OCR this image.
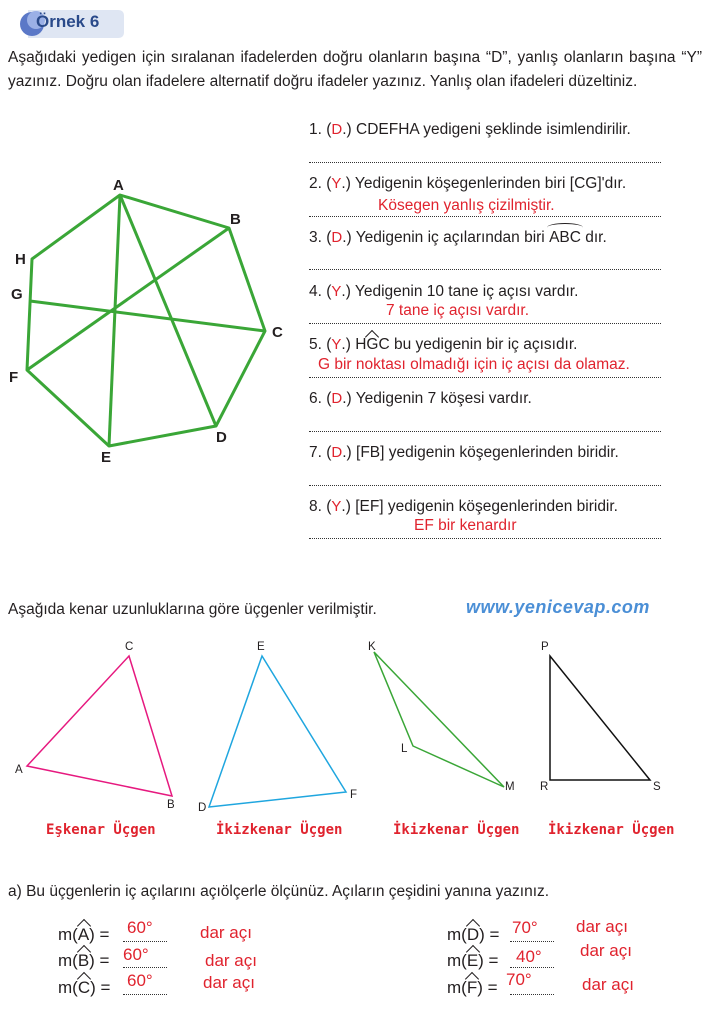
Örnek 6
Aşağıdaki yedigen için sıralanan ifadelerden doğru olanların başına “D”, yanlış olanların başına “Y” yazınız. Doğru olan ifadelere alternatif doğru ifadeler yazınız. Yanlış olan ifadeleri düzeltiniz.
A
B
C
D
E
F
G
H
1. (D.) CDEFHA yedigeni şeklinde isimlendirilir.
2. (Y.) Yedigenin köşegenlerinden biri [CG]'dır.
Kösegen yanlış çizilmiştir.
3. (D.) Yedigenin iç açılarından biri ABC dır.
4. (Y.) Yedigenin 10 tane iç açısı vardır.
7 tane iç açısı vardır.
5. (Y.) HGC bu yedigenin bir iç açısıdır.
G bir noktası olmadığı için iç açısı da olamaz.
6. (D.) Yedigenin 7 köşesi vardır.
7. (D.) [FB] yedigenin köşegenlerinden biridir.
8. (Y.) [EF] yedigenin köşegenlerinden biridir.
EF bir kenardır
Aşağıda kenar uzunluklarına göre üçgenler verilmiştir.	www.yenicevap.com
C
A
B
E
D
F
K
L
M
P
R	S
Eşkenar Üçgen	İkizkenar Üçgen	İkizkenar Üçgen İkizkenar Üçgen
a) Bu üçgenlerin iç açılarını açıölçerle ölçünüz. Açıların çeşidini yanına yazınız.
m(A) = 60°	dar açı
m(B) = 60°	dar açı
m(C) = 60°	dar açı
m(D) = 70° dar açı
m(E) = 40° dar açı
m(F) = 70°	dar açı
